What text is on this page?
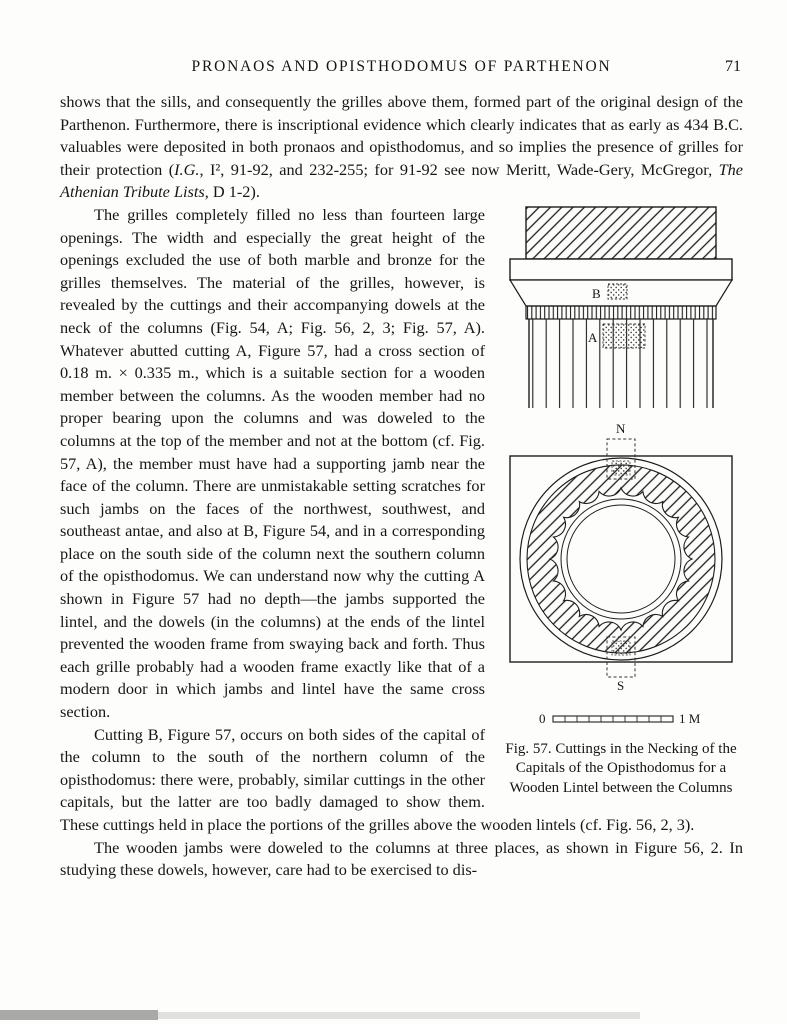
PRONAOS AND OPISTHODOMUS OF PARTHENON	71

shows that the sills, and consequently the grilles above them, formed part of the original design of the Parthenon. Furthermore, there is inscriptional evidence which clearly indicates that as early as 434 B.C. valuables were deposited in both pronaos and opisthodomus, and so implies the presence of grilles for their protection (I.G., I², 91-92, and 232-255; for 91-92 see now Meritt, Wade-Gery, McGregor, The Athenian Tribute Lists, D 1-2).

B
A
N
S
0	1 M
Fig. 57. Cuttings in the Necking of the Capitals of the Opisthodomus for a Wooden Lintel between the Columns

The grilles completely filled no less than fourteen large openings. The width and especially the great height of the openings excluded the use of both marble and bronze for the grilles themselves. The material of the grilles, however, is revealed by the cuttings and their accompanying dowels at the neck of the columns (Fig. 54, A; Fig. 56, 2, 3; Fig. 57, A). Whatever abutted cutting A, Figure 57, had a cross section of 0.18 m. × 0.335 m., which is a suitable section for a wooden member between the columns. As the wooden member had no proper bearing upon the columns and was doweled to the columns at the top of the member and not at the bottom (cf. Fig. 57, A), the member must have had a supporting jamb near the face of the column. There are unmistakable setting scratches for such jambs on the faces of the northwest, southwest, and southeast antae, and also at B, Figure 54, and in a corresponding place on the south side of the column next the southern column of the opisthodomus. We can understand now why the cutting A shown in Figure 57 had no depth—the jambs supported the lintel, and the dowels (in the columns) at the ends of the lintel prevented the wooden frame from swaying back and forth. Thus each grille probably had a wooden frame exactly like that of a modern door in which jambs and lintel have the same cross section.

Cutting B, Figure 57, occurs on both sides of the capital of the column to the south of the northern column of the opisthodomus: there were, probably, similar cuttings in the other capitals, but the latter are too badly damaged to show them. These cuttings held in place the portions of the grilles above the wooden lintels (cf. Fig. 56, 2, 3).

The wooden jambs were doweled to the columns at three places, as shown in Figure 56, 2. In studying these dowels, however, care had to be exercised to dis-
